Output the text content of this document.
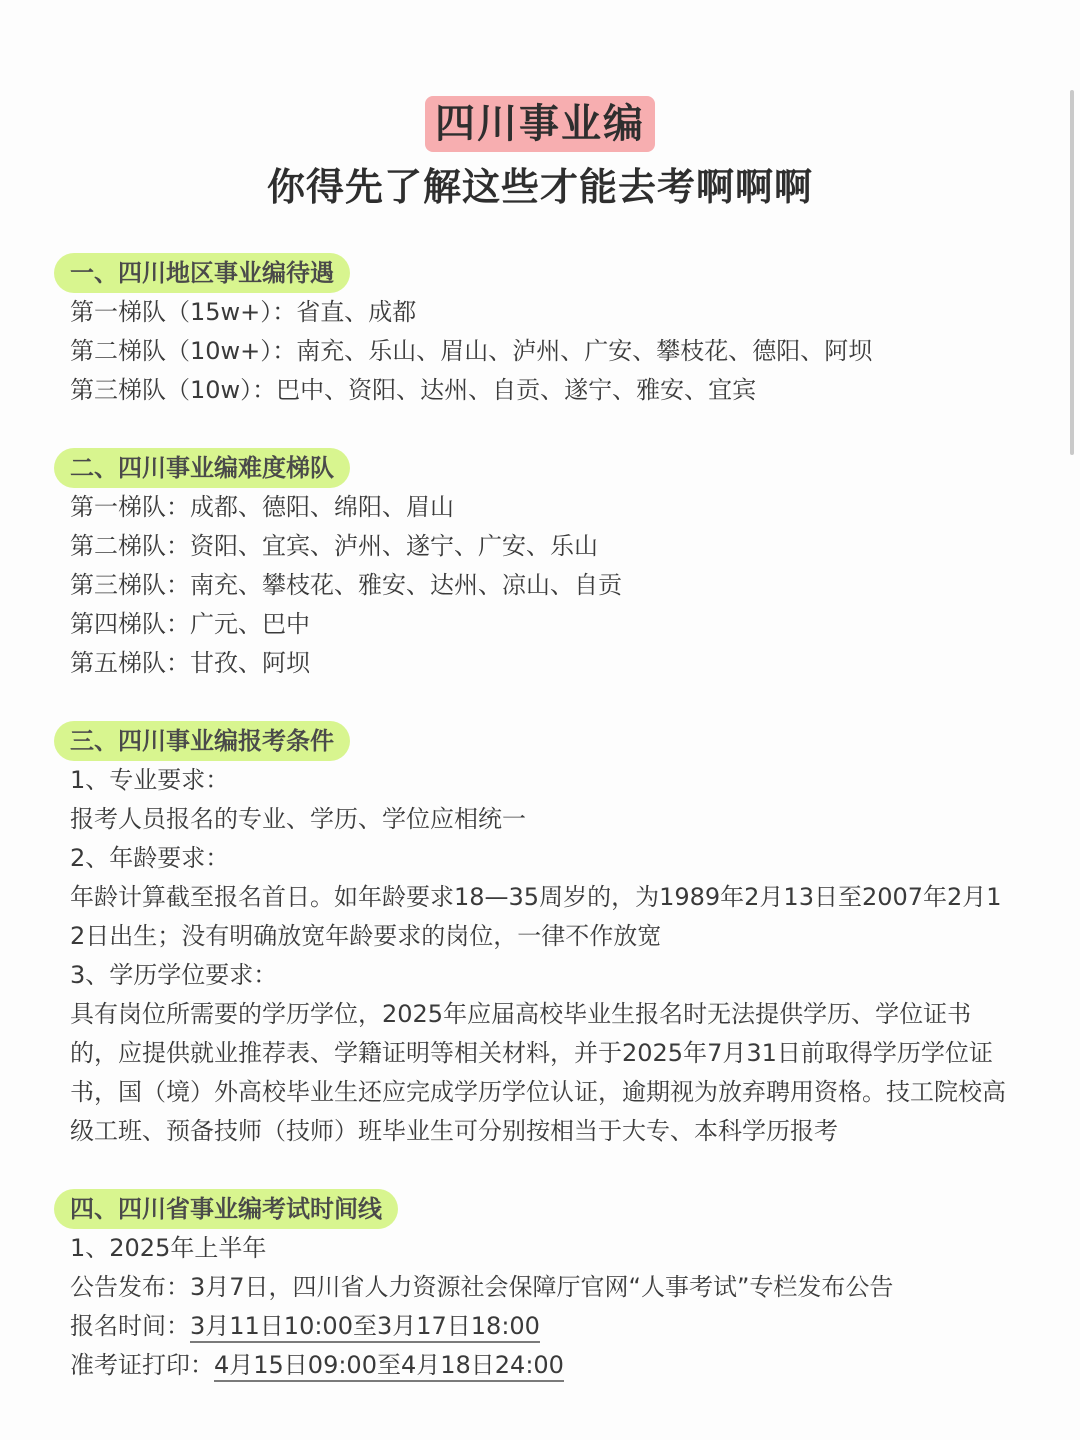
四川事业编
你得先了解这些才能去考啊啊啊
一、四川地区事业编待遇
第一梯队（15w+）：省直、成都
第二梯队（10w+）：南充、乐山、眉山、泸州、广安、攀枝花、德阳、阿坝
第三梯队（10w）：巴中、资阳、达州、自贡、遂宁、雅安、宜宾
二、四川事业编难度梯队
第一梯队：成都、德阳、绵阳、眉山
第二梯队：资阳、宜宾、泸州、遂宁、广安、乐山
第三梯队：南充、攀枝花、雅安、达州、凉山、自贡
第四梯队：广元、巴中
第五梯队：甘孜、阿坝
三、四川事业编报考条件
1、专业要求：
报考人员报名的专业、学历、学位应相统一
2、年龄要求：
年龄计算截至报名首日。如年龄要求18—35周岁的，为1989年2月13日至2007年2月12日出生；没有明确放宽年龄要求的岗位，一律不作放宽
3、学历学位要求：
具有岗位所需要的学历学位，2025年应届高校毕业生报名时无法提供学历、学位证书的，应提供就业推荐表、学籍证明等相关材料，并于2025年7月31日前取得学历学位证书，国（境）外高校毕业生还应完成学历学位认证，逾期视为放弃聘用资格。技工院校高级工班、预备技师（技师）班毕业生可分别按相当于大专、本科学历报考
四、四川省事业编考试时间线
1、2025年上半年
公告发布：3月7日，四川省人力资源社会保障厅官网“人事考试”专栏发布公告
报名时间：3月11日10:00至3月17日18:00
准考证打印：4月15日09:00至4月18日24:00
